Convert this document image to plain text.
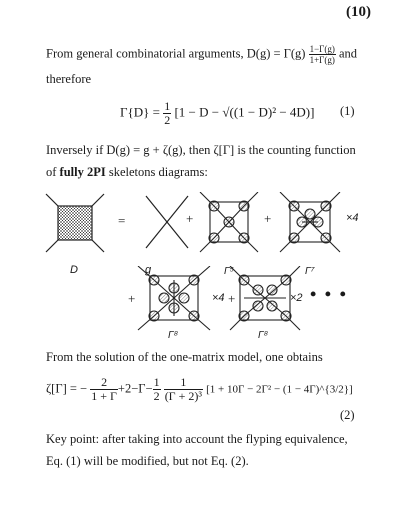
(10)
From general combinatorial arguments, $D(g) = \Gamma(g) \frac{1-\Gamma(g)}{1+\Gamma(g)}$ and
therefore
$\Gamma\{D\} = \frac{1}{2} [1 - D - √((1 - D)^2 - 4D)]$ (1)
Inversely if D(g) = g + ζ(g), then ζ[Γ] is the counting function
of fully 2PI skeletons diagrams:
=	+	+	×4
D	g	Γ⁵	Γ⁷
+	×4 +	×2 • • •
Γ⁸	Γ⁸
From the solution of the one-matrix model, one obtains
ζ[Γ] = − $\frac{2}{1 + \Gamma} +2-\Gamma- \frac{1}{2}$
$\frac{1}{\text{(Γ + 2)³}} [1 + 10\Gamma - 2\Gamma^2 - (1$ − 4Γ)^{3/2}]
(2)
Key point: after taking into account the flyping equivalence,
Eq. (1) will be modified, but not Eq. (2).
